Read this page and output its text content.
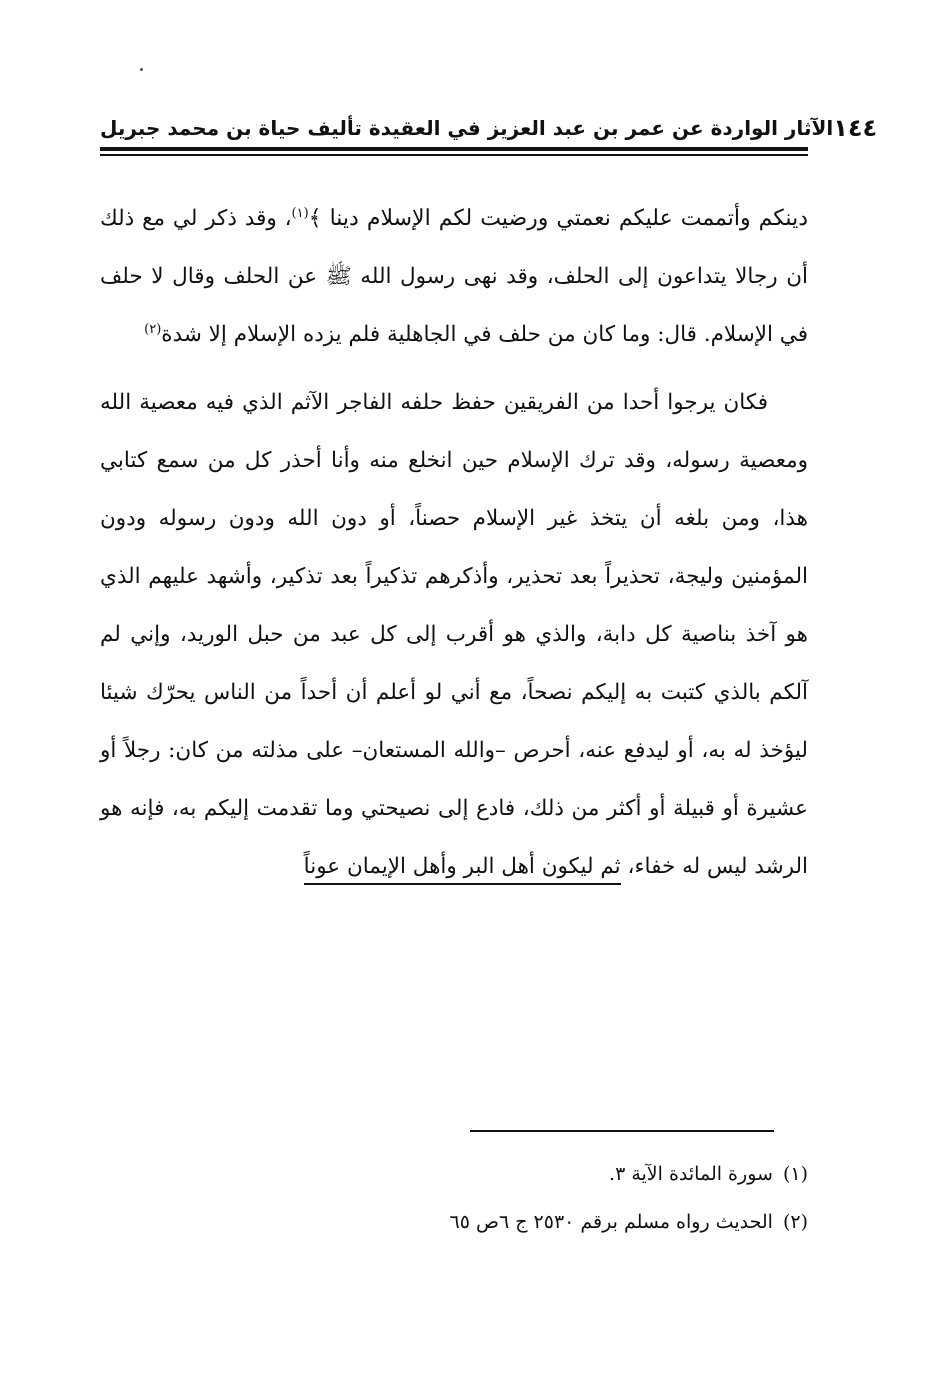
الآثار الواردة عن عمر بن عبد العزيز في العقيدة تأليف حياة بن محمد جبريل ١٤٤

دينكم وأتممت عليكم نعمتي ورضيت لكم الإسلام دينا ﴾$^{(١)}$، وقد ذكر لي مع ذلك أن رجالا يتداعون إلى الحلف، وقد نهى رسول الله ﷺ عن الحلف وقال لا حلف في الإسلام. قال: وما كان من حلف في الجاهلية فلم يزده الإسلام إلا شدة$^{(٢)}$

فكان يرجوا أحدا من الفريقين حفظ حلفه الفاجر الآثم الذي فيه معصية الله ومعصية رسوله، وقد ترك الإسلام حين انخلع منه وأنا أحذر كل من سمع كتابي هذا، ومن بلغه أن يتخذ غير الإسلام حصناً، أو دون الله ودون رسوله ودون المؤمنين وليجة، تحذيراً بعد تحذير، وأذكرهم تذكيراً بعد تذكير، وأشهد عليهم الذي هو آخذ بناصية كل دابة، والذي هو أقرب إلى كل عبد من حبل الوريد، وإني لم آلكم بالذي كتبت به إليكم نصحاً، مع أني لو أعلم أن أحداً من الناس يحرّك شيئا ليؤخذ له به، أو ليدفع عنه، أحرص –والله المستعان– على مذلته من كان: رجلاً أو عشيرة أو قبيلة أو أكثر من ذلك، فادع إلى نصيحتي وما تقدمت إليكم به، فإنه هو الرشد ليس له خفاء، ثم ليكون أهل البر وأهل الإيمان عوناً

(١)سورة المائدة الآية ٣.
(٢)الحديث رواه مسلم برقم ٢٥٣٠ ج ٦ص ٦٥
